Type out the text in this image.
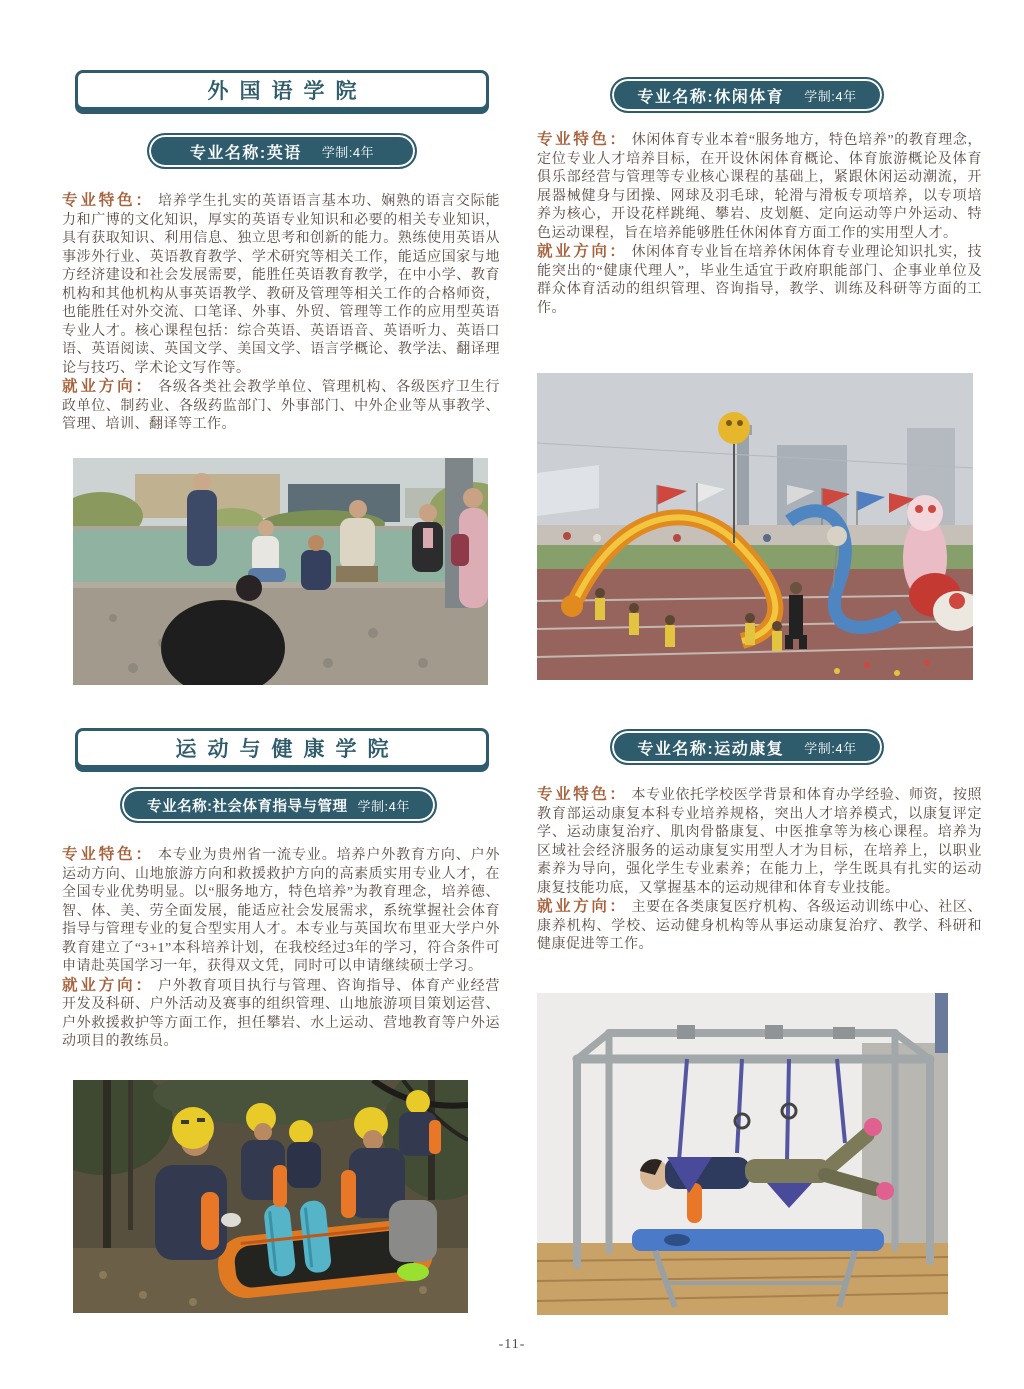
外国语学院
专业名称:英语 学制:4年

专业特色： 培养学生扎实的英语语言基本功、娴熟的语言交际能力和广博的文化知识，厚实的英语专业知识和必要的相关专业知识，具有获取知识、利用信息、独立思考和创新的能力。熟练使用英语从事涉外行业、英语教育教学、学术研究等相关工作，能适应国家与地方经济建设和社会发展需要，能胜任英语教育教学，在中小学、教育机构和其他机构从事英语教学、教研及管理等相关工作的合格师资，也能胜任对外交流、口笔译、外事、外贸、管理等工作的应用型英语专业人才。核心课程包括：综合英语、英语语音、英语听力、英语口语、英语阅读、英国文学、美国文学、语言学概论、教学法、翻译理论与技巧、学术论文写作等。

就业方向： 各级各类社会教学单位、管理机构、各级医疗卫生行政单位、制药业、各级药监部门、外事部门、中外企业等从事教学、管理、培训、翻译等工作。

专业名称:休闲体育 学制:4年

专业特色： 休闲体育专业本着“服务地方，特色培养”的教育理念，定位专业人才培养目标，在开设休闲体育概论、体育旅游概论及体育俱乐部经营与管理等专业核心课程的基础上，紧跟休闲运动潮流，开展器械健身与团操、网球及羽毛球，轮滑与滑板专项培养，以专项培养为核心，开设花样跳绳、攀岩、皮划艇、定向运动等户外运动、特色运动课程，旨在培养能够胜任休闲体育方面工作的实用型人才。

就业方向： 休闲体育专业旨在培养休闲体育专业理论知识扎实，技能突出的“健康代理人”，毕业生适宜于政府职能部门、企事业单位及群众体育活动的组织管理、咨询指导，教学、训练及科研等方面的工作。

运动与健康学院
专业名称:社会体育指导与管理 学制:4年

专业特色： 本专业为贵州省一流专业。培养户外教育方向、户外运动方向、山地旅游方向和救援救护方向的高素质实用专业人才，在全国专业优势明显。以“服务地方，特色培养”为教育理念，培养德、智、体、美、劳全面发展，能适应社会发展需求，系统掌握社会体育指导与管理专业的复合型实用人才。本专业与英国坎布里亚大学户外教育建立了“3+1”本科培养计划，在我校经过3年的学习，符合条件可申请赴英国学习一年，获得双文凭，同时可以申请继续硕士学习。

就业方向： 户外教育项目执行与管理、咨询指导、体育产业经营开发及科研、户外活动及赛事的组织管理、山地旅游项目策划运营、户外救援救护等方面工作，担任攀岩、水上运动、营地教育等户外运动项目的教练员。

专业名称:运动康复 学制:4年

专业特色： 本专业依托学校医学背景和体育办学经验、师资，按照教育部运动康复本科专业培养规格，突出人才培养模式，以康复评定学、运动康复治疗、肌肉骨骼康复、中医推拿等为核心课程。培养为区域社会经济服务的运动康复实用型人才为目标，在培养上，以职业素养为导向，强化学生专业素养；在能力上，学生既具有扎实的运动康复技能功底，又掌握基本的运动规律和体育专业技能。

就业方向： 主要在各类康复医疗机构、各级运动训练中心、社区、康养机构、学校、运动健身机构等从事运动康复治疗、教学、科研和健康促进等工作。

-11-
